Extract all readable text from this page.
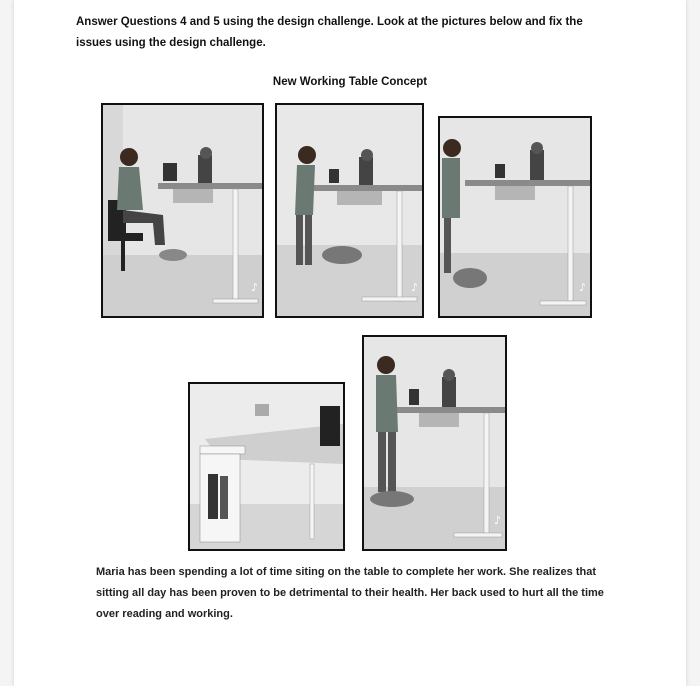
Answer Questions 4 and 5 using the design challenge. Look at the pictures below and fix the issues using the design challenge.
New Working Table Concept
♪	♪	♪
♪
Maria has been spending a lot of time siting on the table to complete her work. She realizes that sitting all day has been proven to be detrimental to their health. Her back used to hurt all the time over reading and working.
